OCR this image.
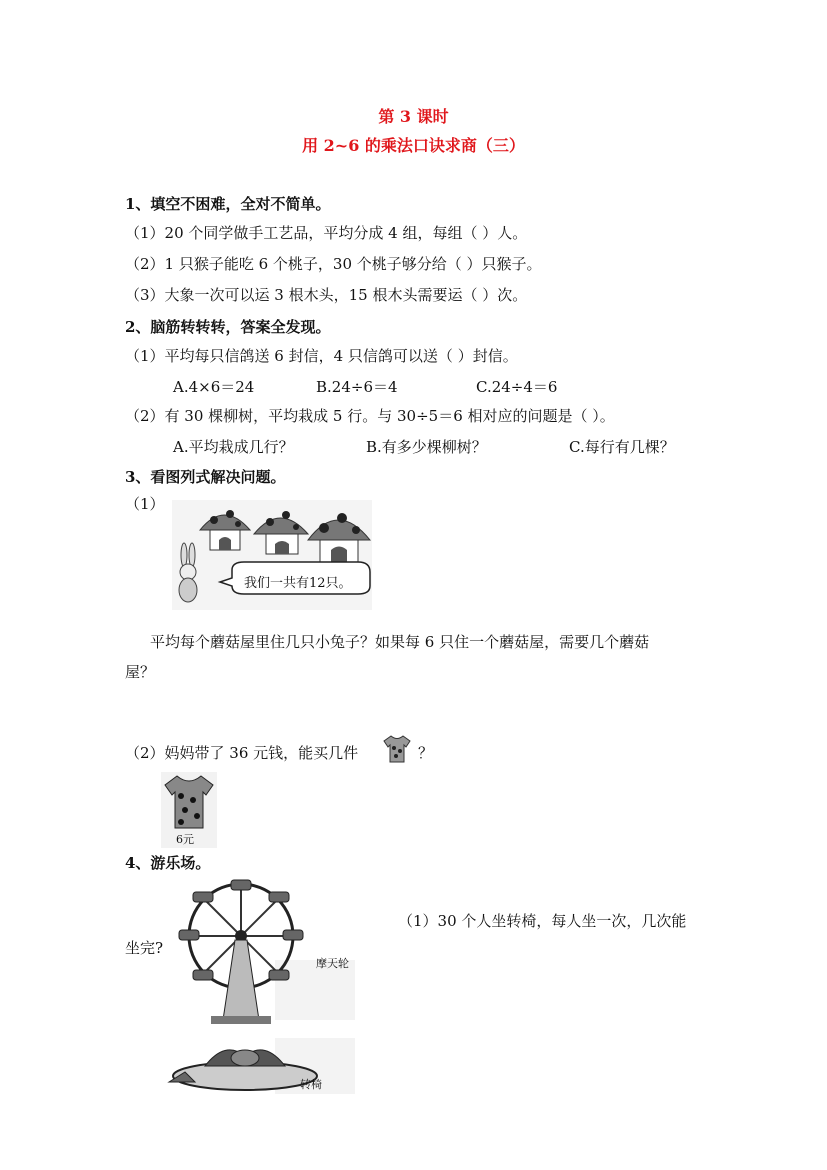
第 3 课时
用 2~6 的乘法口诀求商（三）
1、填空不困难，全对不简单。
（1）20 个同学做手工艺品，平均分成 4 组，每组（ ）人。
（2）1 只猴子能吃 6 个桃子，30 个桃子够分给（ ）只猴子。
（3）大象一次可以运 3 根木头，15 根木头需要运（ ）次。
2、脑筋转转转，答案全发现。
（1）平均每只信鸽送 6 封信，4 只信鸽可以送（ ）封信。
A.4×6＝24	B.24÷6＝4	C.24÷4＝6
（2）有 30 棵柳树，平均栽成 5 行。与 30÷5＝6 相对应的问题是（ ）。
A.平均栽成几行？	B.有多少棵柳树？	C.每行有几棵？
3、看图列式解决问题。
（1）
我们一共有12只。
平均每个蘑菇屋里住几只小兔子？如果每 6 只住一个蘑菇屋，需要几个蘑菇
屋？
（2）妈妈带了 36 元钱，能买几件	？
6元
4、游乐场。
摩天轮
转椅
（1）30 个人坐转椅，每人坐一次，几次能
坐完?
